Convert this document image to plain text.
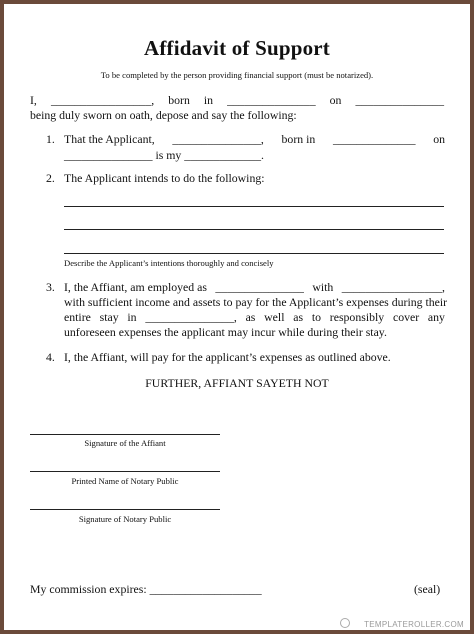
Affidavit of Support
To be completed by the person providing financial support (must be notarized).
I, _________________, born in _______________ on _______________
being duly sworn on oath, depose and say the following:
1. That the Applicant, _______________, born in ______________ on
_______________ is my _____________.
2. The Applicant intends to do the following:
Describe the Applicant’s intentions thoroughly and concisely
3. I, the Affiant, am employed as _______________ with _________________,
with sufficient income and assets to pay for the Applicant’s expenses during their
entire stay in _______________, as well as to responsibly cover any
unforeseen expenses the applicant may incur while during their stay.
4. I, the Affiant, will pay for the applicant’s expenses as outlined above.
FURTHER, AFFIANT SAYETH NOT
Signature of the Affiant
Printed Name of Notary Public
Signature of Notary Public
My commission expires: ___________________	(seal)
TEMPLATEROLLER.COM
